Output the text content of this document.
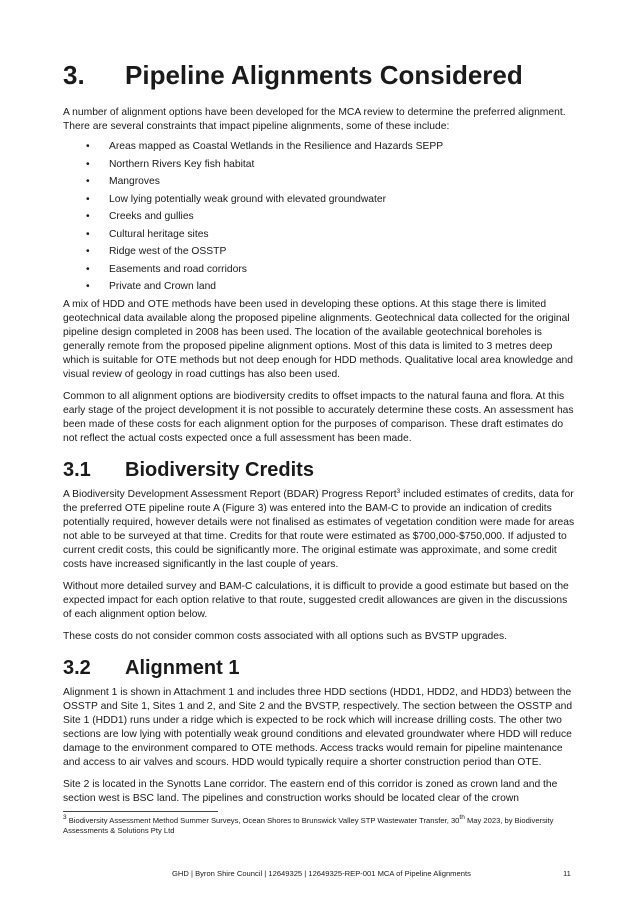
3.	Pipeline Alignments Considered

A number of alignment options have been developed for the MCA review to determine the preferred alignment. There are several constraints that impact pipeline alignments, some of these include:

• Areas mapped as Coastal Wetlands in the Resilience and Hazards SEPP
• Northern Rivers Key fish habitat
• Mangroves
• Low lying potentially weak ground with elevated groundwater
• Creeks and gullies
• Cultural heritage sites
• Ridge west of the OSSTP
• Easements and road corridors
• Private and Crown land

A mix of HDD and OTE methods have been used in developing these options. At this stage there is limited geotechnical data available along the proposed pipeline alignments. Geotechnical data collected for the original pipeline design completed in 2008 has been used. The location of the available geotechnical boreholes is generally remote from the proposed pipeline alignment options. Most of this data is limited to 3 metres deep which is suitable for OTE methods but not deep enough for HDD methods. Qualitative local area knowledge and visual review of geology in road cuttings has also been used.

Common to all alignment options are biodiversity credits to offset impacts to the natural fauna and flora. At this early stage of the project development it is not possible to accurately determine these costs. An assessment has been made of these costs for each alignment option for the purposes of comparison. These draft estimates do not reflect the actual costs expected once a full assessment has been made.

3.1	Biodiversity Credits

A Biodiversity Development Assessment Report (BDAR) Progress Report$^3$ included estimates of credits, data for the preferred OTE pipeline route A (Figure 3) was entered into the BAM-C to provide an indication of credits potentially required, however details were not finalised as estimates of vegetation condition were made for areas not able to be surveyed at that time. Credits for that route were estimated as $700,000-$750,000. If adjusted to current credit costs, this could be significantly more. The original estimate was approximate, and some credit costs have increased significantly in the last couple of years.

Without more detailed survey and BAM-C calculations, it is difficult to provide a good estimate but based on the expected impact for each option relative to that route, suggested credit allowances are given in the discussions of each alignment option below.

These costs do not consider common costs associated with all options such as BVSTP upgrades.

3.2	Alignment 1

Alignment 1 is shown in Attachment 1 and includes three HDD sections (HDD1, HDD2, and HDD3) between the OSSTP and Site 1, Sites 1 and 2, and Site 2 and the BVSTP, respectively. The section between the OSSTP and Site 1 (HDD1) runs under a ridge which is expected to be rock which will increase drilling costs. The other two sections are low lying with potentially weak ground conditions and elevated groundwater where HDD will reduce damage to the environment compared to OTE methods. Access tracks would remain for pipeline maintenance and access to air valves and scours. HDD would typically require a shorter construction period than OTE.

Site 2 is located in the Synotts Lane corridor. The eastern end of this corridor is zoned as crown land and the section west is BSC land. The pipelines and construction works should be located clear of the crown

$^3$ Biodiversity Assessment Method Summer Surveys, Ocean Shores to Brunswick Valley STP Wastewater Transfer, 30th May 2023, by Biodiversity Assessments & Solutions Pty Ltd
GHD | Byron Shire Council | 12649325 | 12649325-REP-001 MCA of Pipeline Alignments	11
